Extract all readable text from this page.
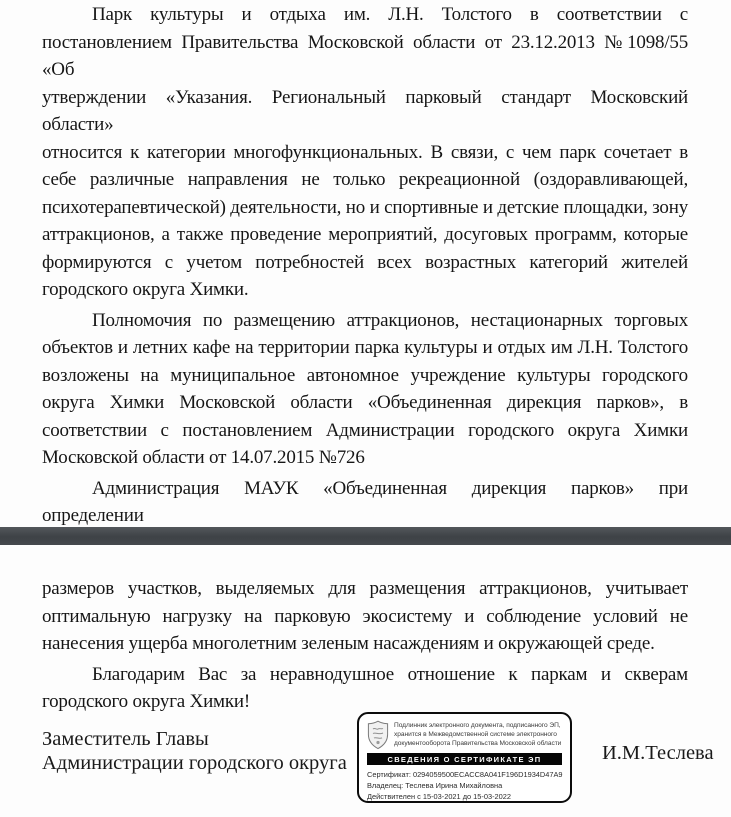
Парк культуры и отдыха им. Л.Н. Толстого в соответствии с
постановлением Правительства Московской области от 23.12.2013 №1098/55 «Об
утверждении «Указания. Региональный парковый стандарт Московский области»
относится к категории многофункциональных. В связи, с чем парк сочетает в
себе различные направления не только рекреационной (оздоравливающей,
психотерапевтической) деятельности, но и спортивные и детские площадки, зону
аттракционов, а также проведение мероприятий, досуговых программ, которые
формируются с учетом потребностей всех возрастных категорий жителей
городского округа Химки.
Полномочия по размещению аттракционов, нестационарных торговых
объектов и летних кафе на территории парка культуры и отдых им Л.Н. Толстого
возложены на муниципальное автономное учреждение культуры городского
округа Химки Московской области «Объединенная дирекция парков», в
соответствии с постановлением Администрации городского округа Химки
Московской области от 14.07.2015 №726
Администрация МАУК «Объединенная дирекция парков» при определении
размеров участков, выделяемых для размещения аттракционов, учитывает
оптимальную нагрузку на парковую экосистему и соблюдение условий не
нанесения ущерба многолетним зеленым насаждениям и окружающей среде.
Благодарим Вас за неравнодушное отношение к паркам и скверам
городского округа Химки!
Заместитель Главы
Администрации городского округа
Подлинник электронного документа, подписанного ЭП,
хранится в Межведомственной системе электронного
документооборота Правительства Московской области
СВЕДЕНИЯ О СЕРТИФИКАТЕ ЭП
Сертификат: 0294059500ECACC8A041F196D1934D47A9
Владелец: Теслева Ирина Михайловна
Действителен с 15-03-2021 до 15-03-2022
И.М.Теслева
